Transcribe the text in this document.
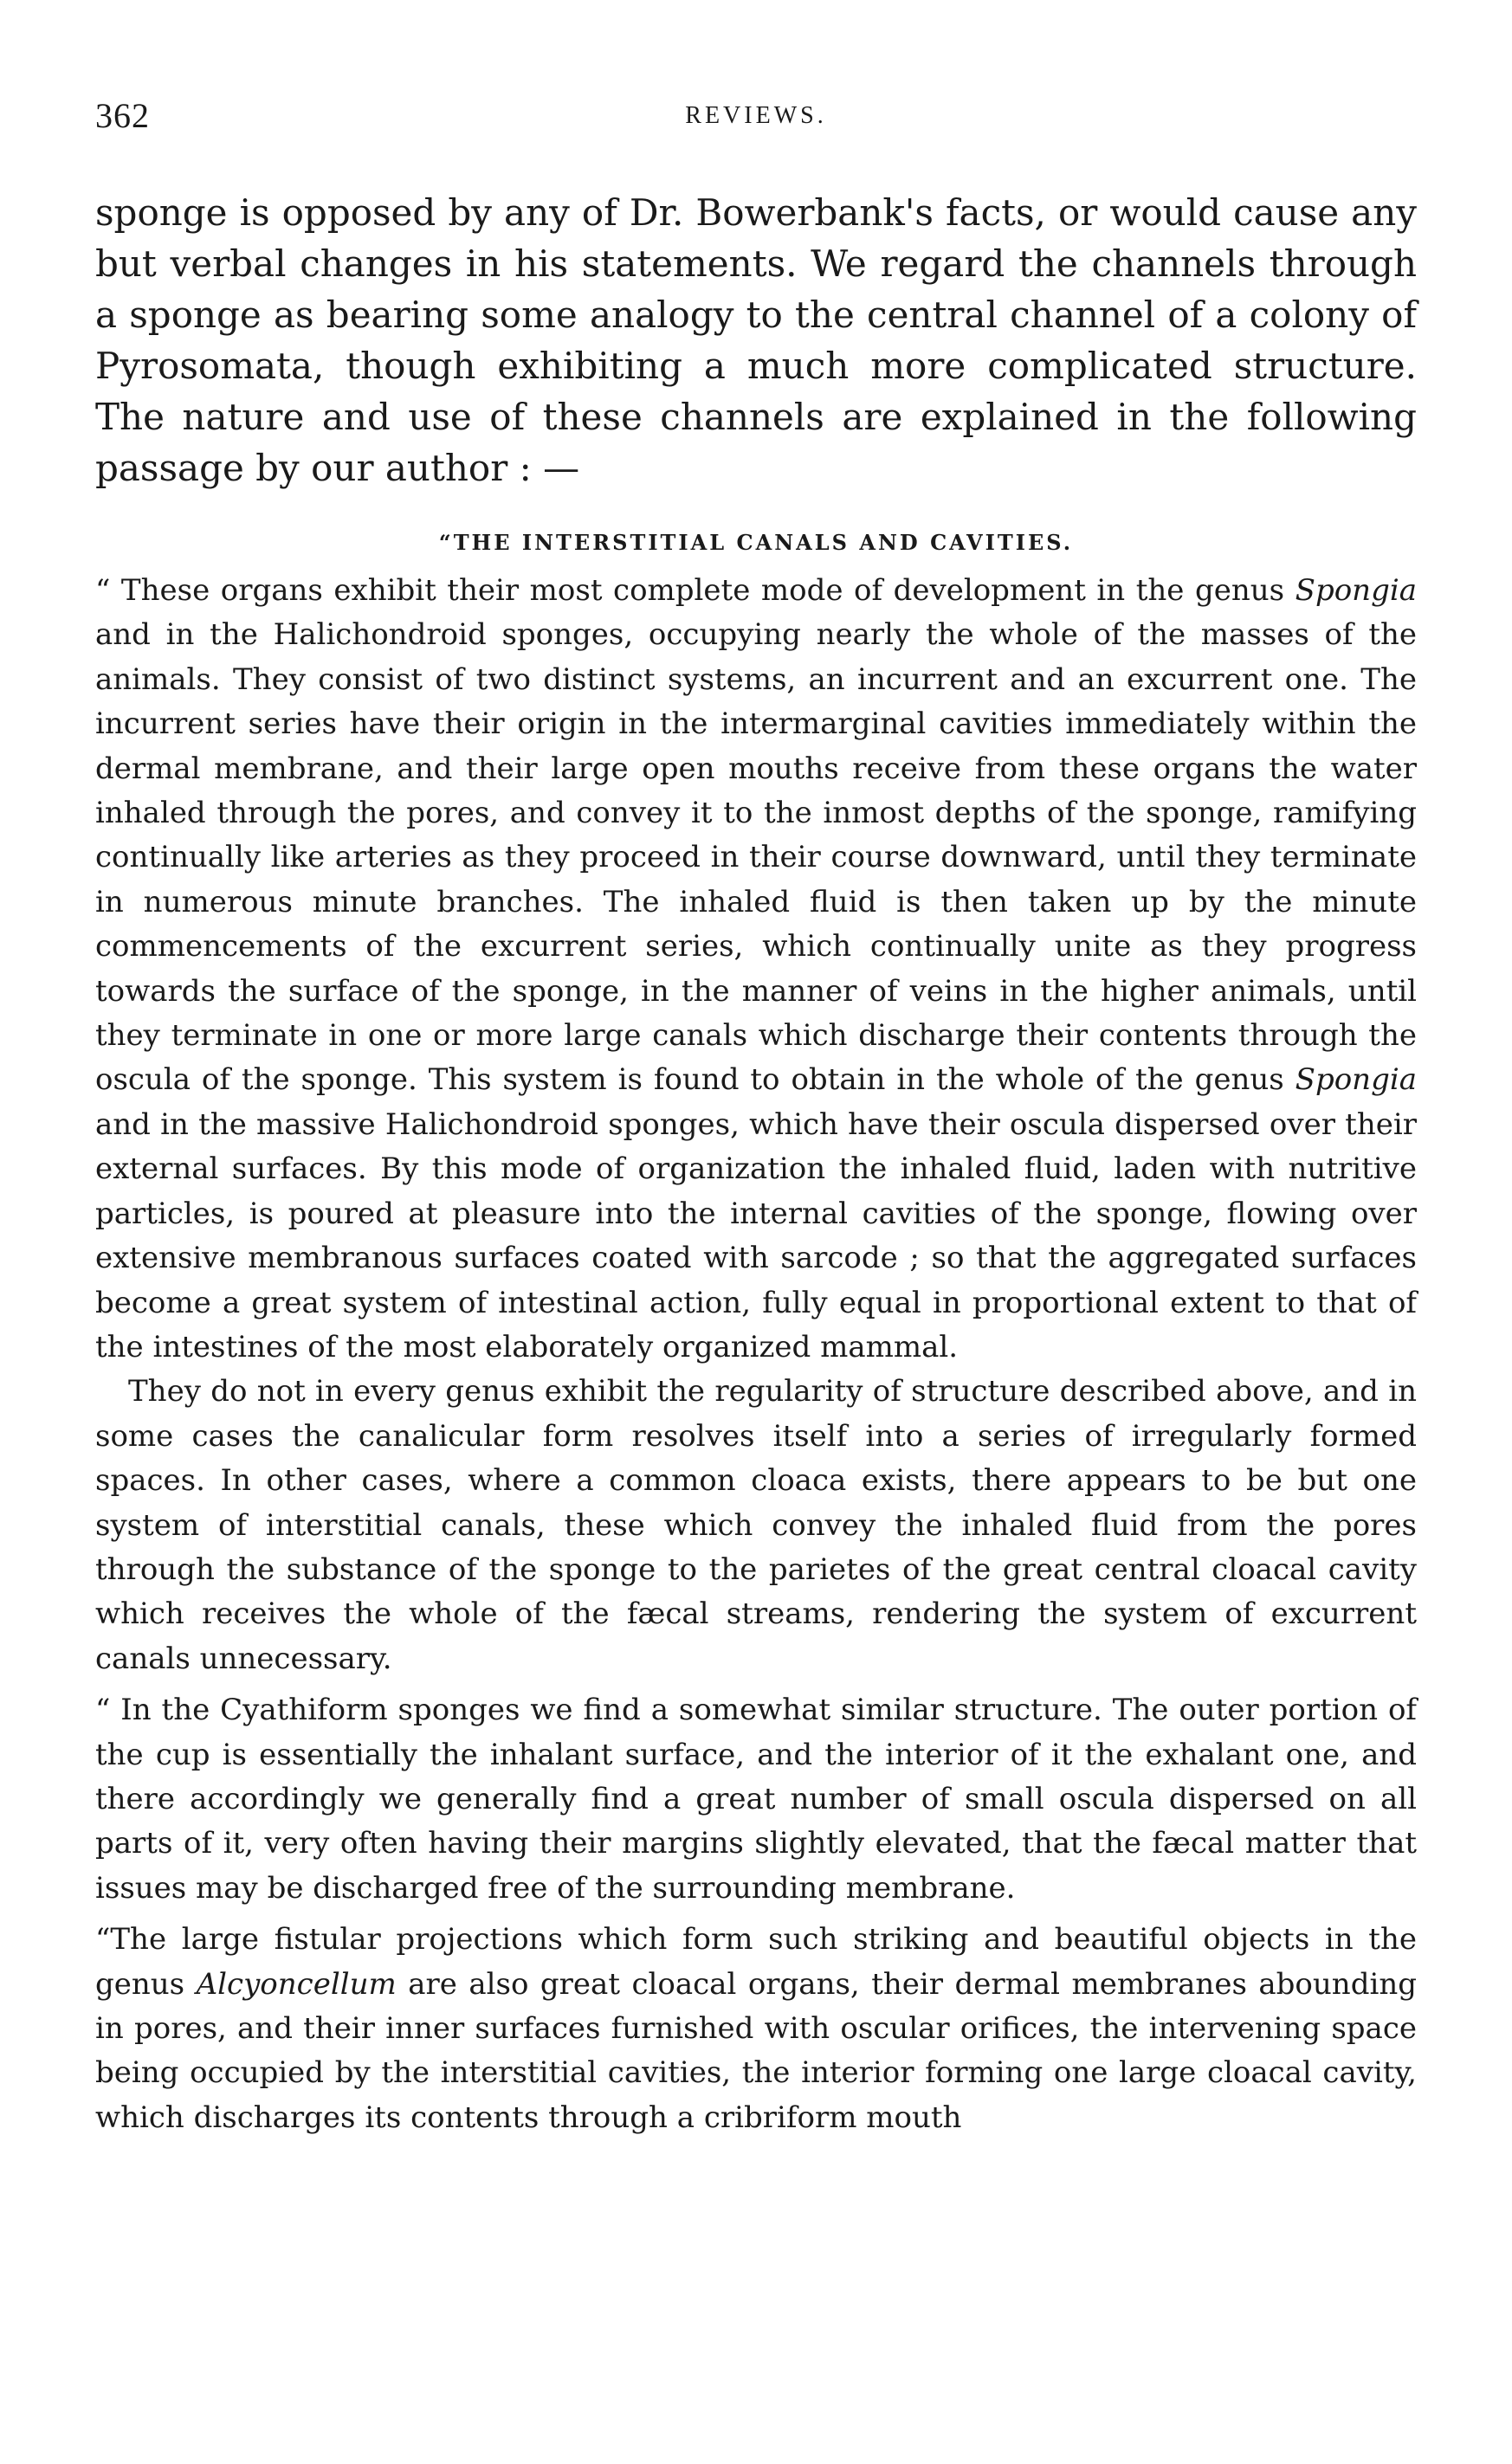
362	REVIEWS.

sponge is opposed by any of Dr. Bowerbank's facts, or would cause any but verbal changes in his statements. We regard the channels through a sponge as bearing some analogy to the central channel of a colony of Pyrosomata, though exhibiting a much more complicated structure. The nature and use of these channels are explained in the following passage by our author : —

“THE INTERSTITIAL CANALS AND CAVITIES.

“ These organs exhibit their most complete mode of development in the genus Spongia and in the Halichondroid sponges, occupying nearly the whole of the masses of the animals. They consist of two distinct systems, an incurrent and an excurrent one. The incurrent series have their origin in the intermarginal cavities immediately within the dermal membrane, and their large open mouths receive from these organs the water inhaled through the pores, and convey it to the inmost depths of the sponge, ramifying continually like arteries as they proceed in their course downward, until they terminate in numerous minute branches. The inhaled fluid is then taken up by the minute commencements of the excurrent series, which continually unite as they progress towards the surface of the sponge, in the manner of veins in the higher animals, until they terminate in one or more large canals which discharge their contents through the oscula of the sponge. This system is found to obtain in the whole of the genus Spongia and in the massive Halichondroid sponges, which have their oscula dispersed over their external surfaces. By this mode of organization the inhaled fluid, laden with nutritive particles, is poured at pleasure into the internal cavities of the sponge, flowing over extensive membranous surfaces coated with sarcode ; so that the aggregated surfaces become a great system of intestinal action, fully equal in proportional extent to that of the intestines of the most elaborately organized mammal.

They do not in every genus exhibit the regularity of structure described above, and in some cases the canalicular form resolves itself into a series of irregularly formed spaces. In other cases, where a common cloaca exists, there appears to be but one system of interstitial canals, these which convey the inhaled fluid from the pores through the substance of the sponge to the parietes of the great central cloacal cavity which receives the whole of the fæcal streams, rendering the system of excurrent canals unnecessary.

“ In the Cyathiform sponges we find a somewhat similar structure. The outer portion of the cup is essentially the inhalant surface, and the interior of it the exhalant one, and there accordingly we generally find a great number of small oscula dispersed on all parts of it, very often having their margins slightly elevated, that the fæcal matter that issues may be discharged free of the surrounding membrane.

“The large fistular projections which form such striking and beautiful objects in the genus Alcyoncellum are also great cloacal organs, their dermal membranes abounding in pores, and their inner surfaces furnished with oscular orifices, the intervening space being occupied by the interstitial cavities, the interior forming one large cloacal cavity, which discharges its contents through a cribriform mouth
